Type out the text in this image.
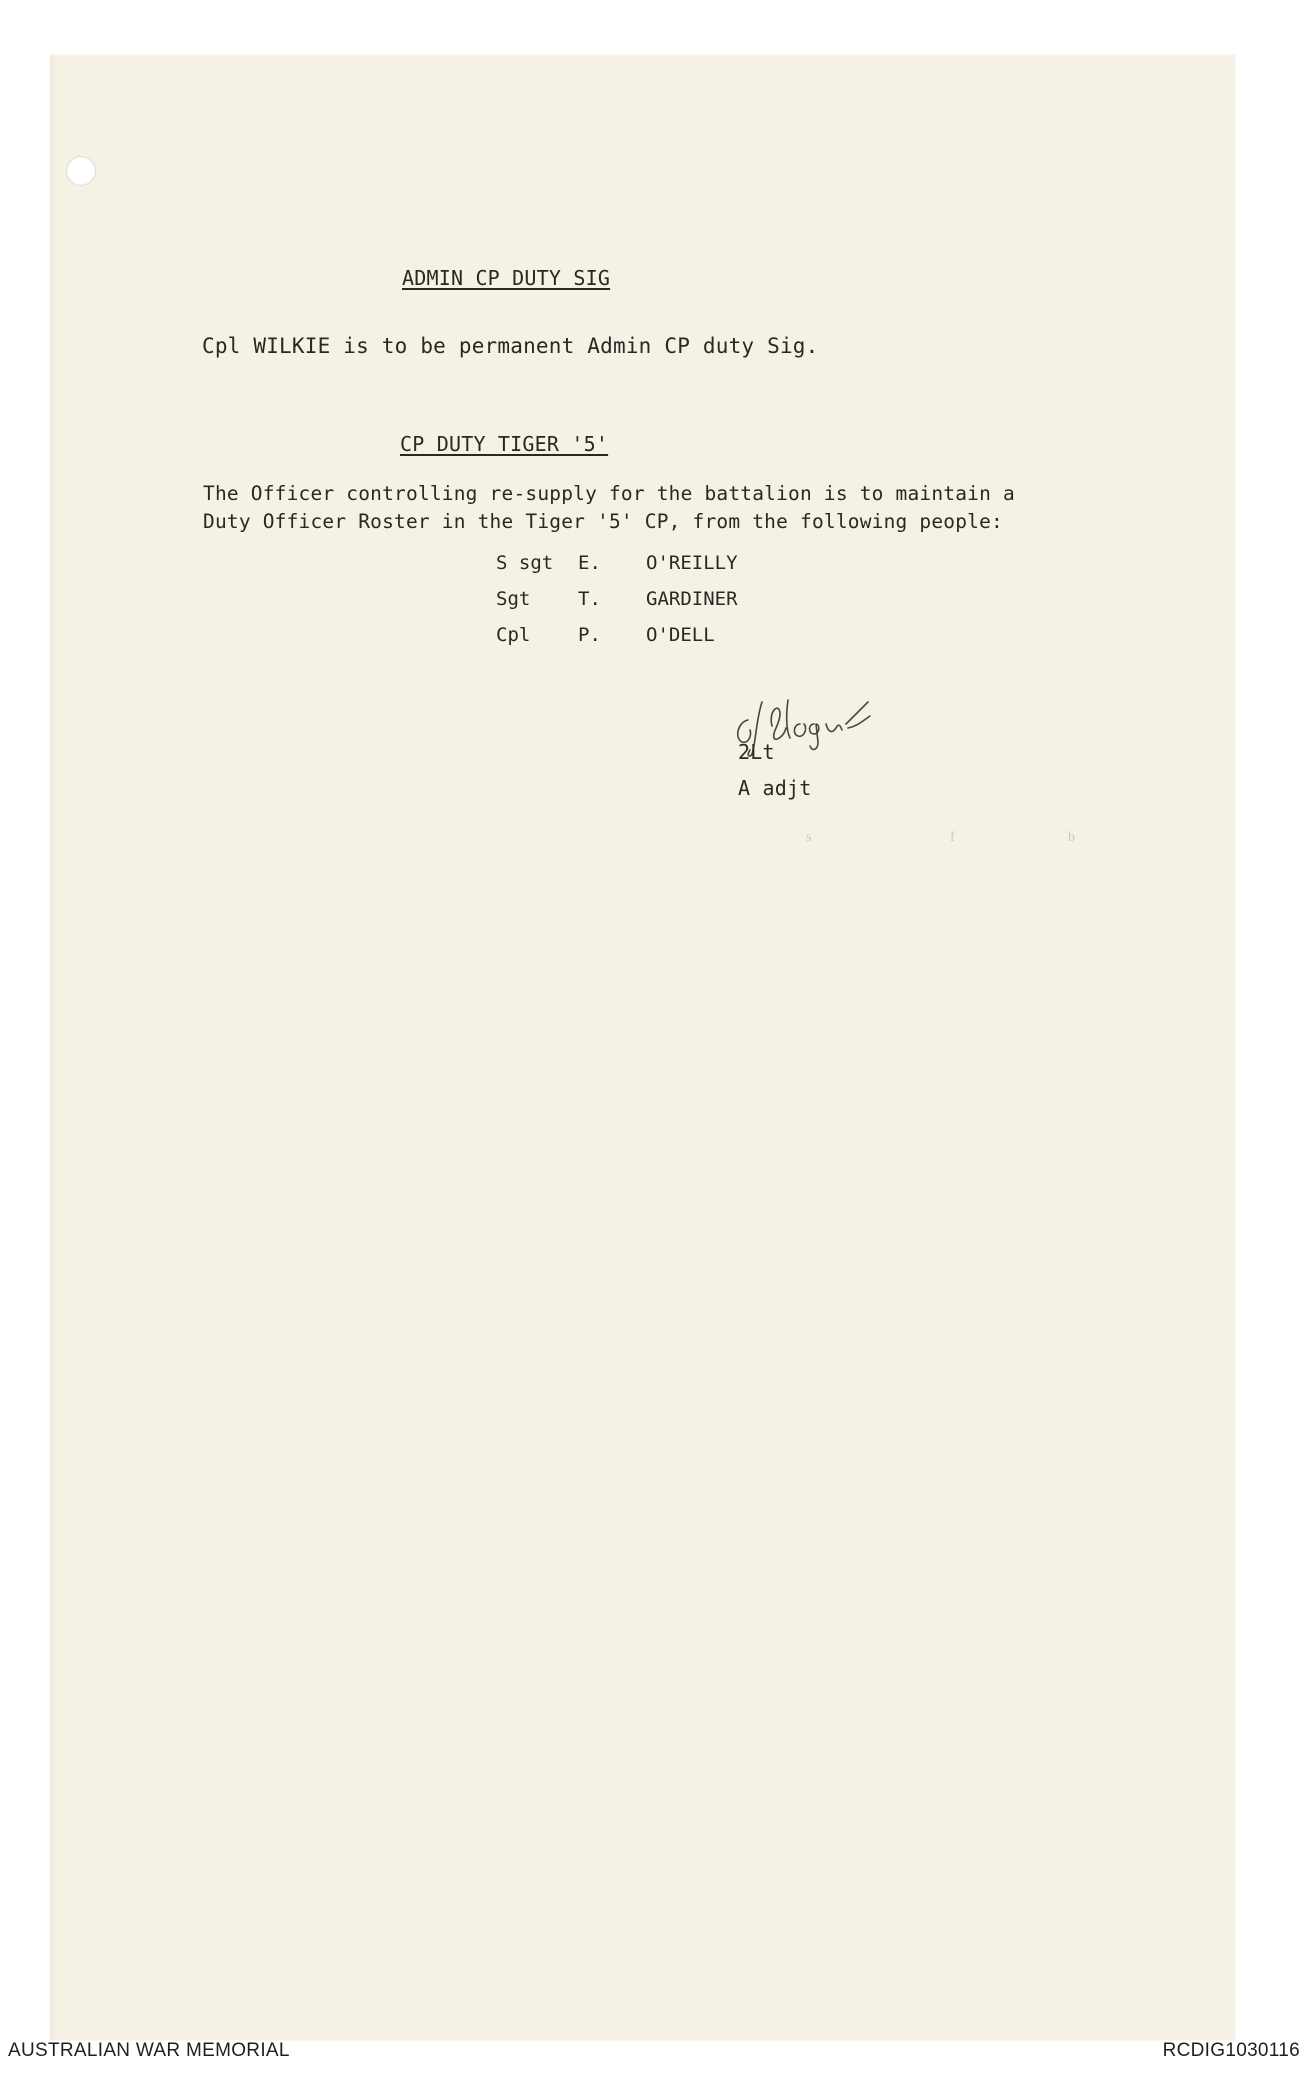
ADMIN CP DUTY SIG
Cpl WILKIE is to be permanent Admin CP duty Sig.
CP DUTY TIGER '5'
The Officer controlling re-supply for the battalion is to maintain a
Duty Officer Roster in the Tiger '5' CP, from the following people:
S sgt E. O'REILLY
Sgt	T. GARDINER
Cpl	P. O'DELL
2Lt
A adjt
s	f	b
AUSTRALIAN WAR MEMORIAL	RCDIG1030116
